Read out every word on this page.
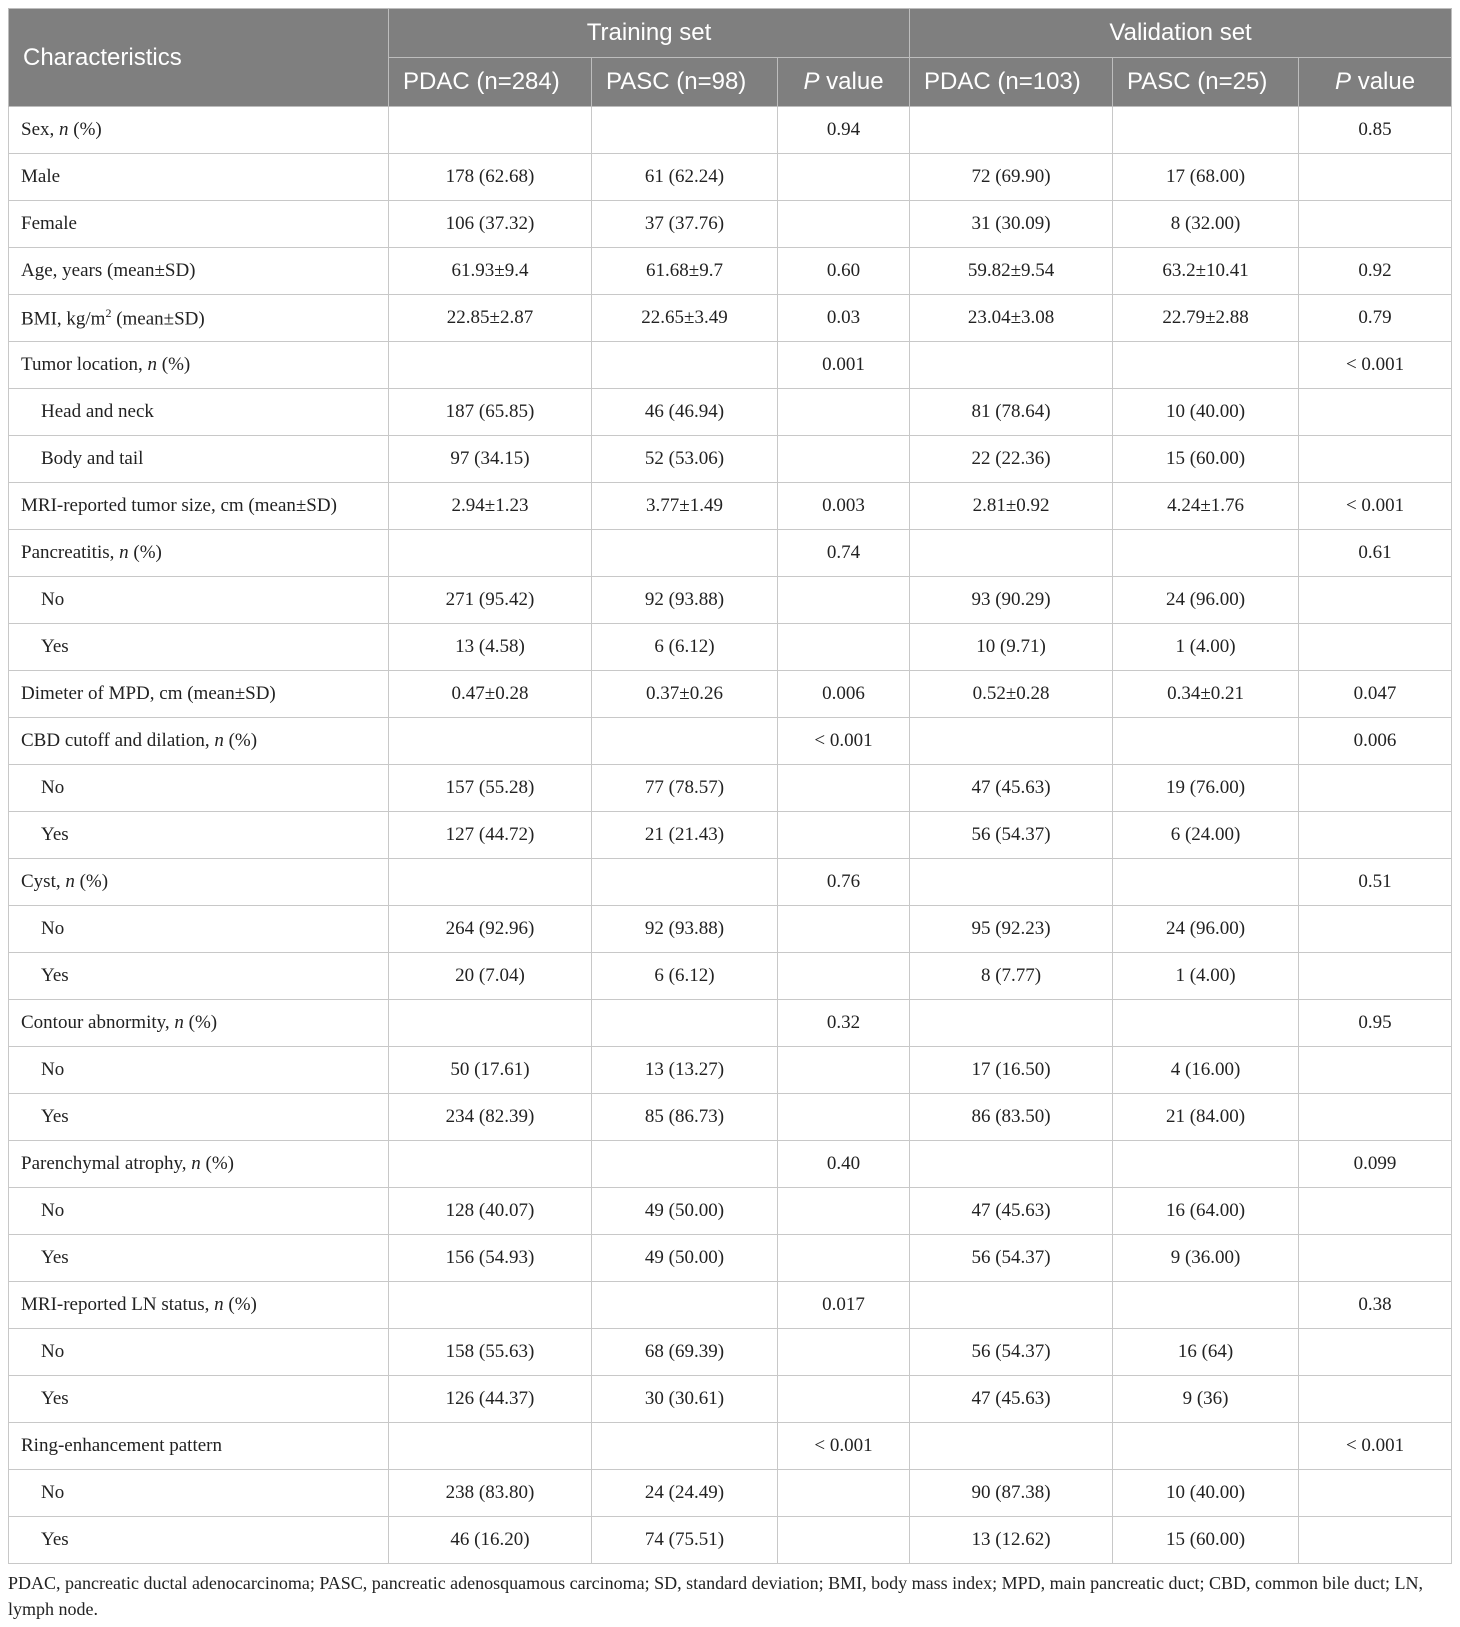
Characteristics	Training set			Validation set		
	PDAC (n=284)	PASC (n=98)	P value	PDAC (n=103)	PASC (n=25)	P value
Sex, n (%)			0.94			0.85
Male	178 (62.68)	61 (62.24)		72 (69.90)	17 (68.00)	
Female	106 (37.32)	37 (37.76)		31 (30.09)	8 (32.00)	
Age, years (mean±SD)	61.93±9.4	61.68±9.7	0.60	59.82±9.54	63.2±10.41	0.92
BMI, $kg/m^2$ (mean±SD)	22.85±2.87	22.65±3.49	0.03	23.04±3.08	22.79±2.88	0.79
Tumor location, n (%)			0.001			< 0.001
Head and neck	187 (65.85)	46 (46.94)		81 (78.64)	10 (40.00)	
Body and tail	97 (34.15)	52 (53.06)		22 (22.36)	15 (60.00)	
MRI-reported tumor size, cm (mean±SD)	2.94±1.23	3.77±1.49	0.003	2.81±0.92	4.24±1.76	< 0.001
Pancreatitis, n (%)			0.74			0.61
No	271 (95.42)	92 (93.88)		93 (90.29)	24 (96.00)	
Yes	13 (4.58)	6 (6.12)		10 (9.71)	1 (4.00)	
Dimeter of MPD, cm (mean±SD)	0.47±0.28	0.37±0.26	0.006	0.52±0.28	0.34±0.21	0.047
CBD cutoff and dilation, n (%)			< 0.001			0.006
No	157 (55.28)	77 (78.57)		47 (45.63)	19 (76.00)	
Yes	127 (44.72)	21 (21.43)		56 (54.37)	6 (24.00)	
Cyst, n (%)			0.76			0.51
No	264 (92.96)	92 (93.88)		95 (92.23)	24 (96.00)	
Yes	20 (7.04)	6 (6.12)		8 (7.77)	1 (4.00)	
Contour abnormity, n (%)			0.32			0.95
No	50 (17.61)	13 (13.27)		17 (16.50)	4 (16.00)	
Yes	234 (82.39)	85 (86.73)		86 (83.50)	21 (84.00)	
Parenchymal atrophy, n (%)			0.40			0.099
No	128 (40.07)	49 (50.00)		47 (45.63)	16 (64.00)	
Yes	156 (54.93)	49 (50.00)		56 (54.37)	9 (36.00)	
MRI-reported LN status, n (%)			0.017			0.38
No	158 (55.63)	68 (69.39)		56 (54.37)	16 (64)	
Yes	126 (44.37)	30 (30.61)		47 (45.63)	9 (36)	
Ring-enhancement pattern			< 0.001			< 0.001
No	238 (83.80)	24 (24.49)		90 (87.38)	10 (40.00)	
Yes	46 (16.20)	74 (75.51)		13 (12.62)	15 (60.00)	
PDAC, pancreatic ductal adenocarcinoma; PASC, pancreatic adenosquamous carcinoma; SD, standard deviation; BMI, body mass index; MPD, main pancreatic duct; CBD, common bile duct; LN, lymph node.
